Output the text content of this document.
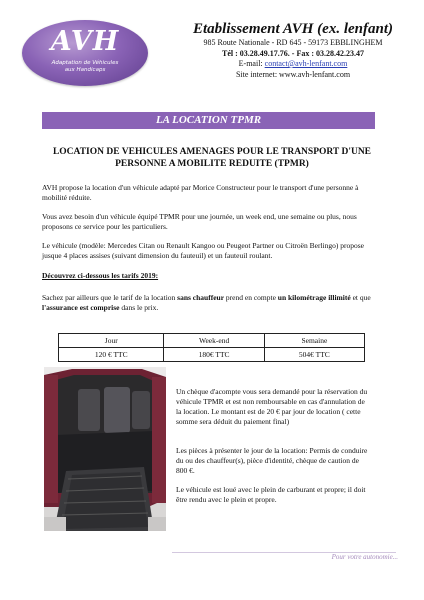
AVH
Adaptation de Véhicules
aux Handicaps
Etablissement AVH (ex. lenfant)
985 Route Nationale - RD 645 - 59173 EBBLINGHEM
Tél : 03.28.49.17.76. - Fax : 03.28.42.23.47
E-mail: contact@avh-lenfant.com
Site internet: www.avh-lenfant.com
LA LOCATION TPMR
LOCATION DE VEHICULES AMENAGES POUR LE TRANSPORT D'UNE PERSONNE A MOBILITE REDUITE (TPMR)
AVH propose la location d'un véhicule adapté par Morice Constructeur pour le transport d'une personne à mobilité réduite.
Vous avez besoin d'un véhicule équipé TPMR pour une journée, un week end, une semaine ou plus, nous proposons ce service pour les particuliers.
Le véhicule (modèle: Mercedes Citan ou Renault Kangoo ou Peugeot Partner ou Citroën Berlingo) propose jusque 4 places assises (suivant dimension du fauteuil) et un fauteuil roulant.
Découvrez ci-dessous les tarifs 2019:
Sachez par ailleurs que le tarif de la location sans chauffeur prend en compte un kilométrage illimité et que l'assurance est comprise dans le prix.
Jour	Week-end	Semaine
120 € TTC	180€ TTC	504€ TTC
Un chèque d'acompte vous sera demandé pour la réservation du véhicule TPMR et est non remboursable en cas d'annulation de la location. Le montant est de 20 € par jour de location ( cette somme sera déduit du paiement final)
Les pièces à présenter le jour de la location: Permis de conduire du ou des chauffeur(s), pièce d'identité, chèque de caution de 800 €.
Le véhicule est loué avec le plein de carburant et propre; il doit être rendu avec le plein et propre.
Pour votre autonomie...
